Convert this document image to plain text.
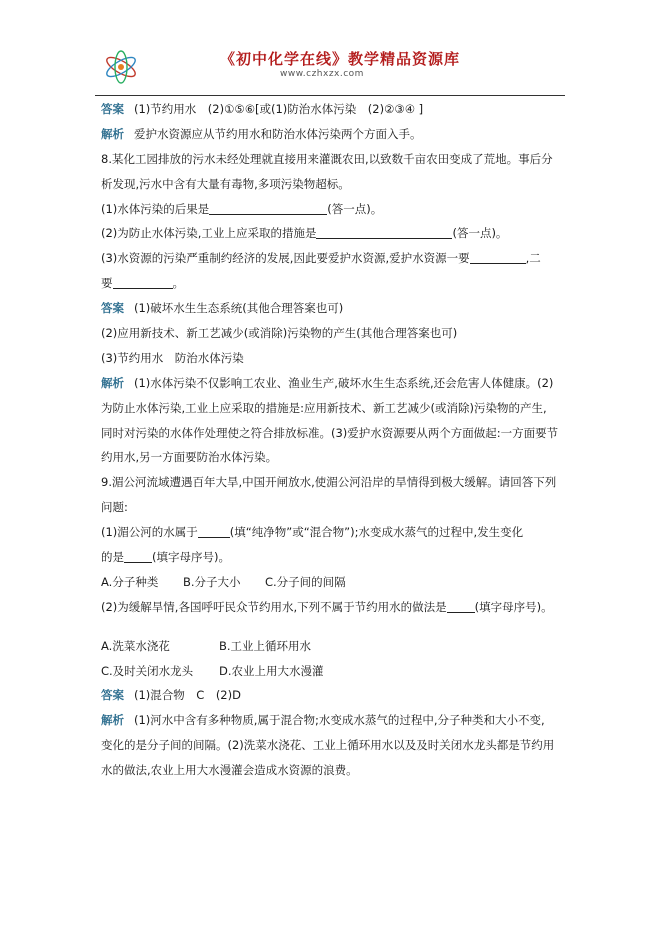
《初中化学在线》教学精品资源库
www.czhxzx.com
答案 (1)节约用水　(2)①⑤⑥[或(1)防治水体污染　(2)②③④ ]
解析 爱护水资源应从节约用水和防治水体污染两个方面入手。
8.某化工园排放的污水未经处理就直接用来灌溉农田,以致数千亩农田变成了荒地。事后分
析发现,污水中含有大量有毒物,多项污染物超标。
(1)水体污染的后果是	(答一点)。
(2)为防止水体污染,工业上应采取的措施是	(答一点)。
(3)水资源的污染严重制约经济的发展,因此要爱护水资源,爱护水资源一要	,二
要	。
答案 (1)破坏水生生态系统(其他合理答案也可)
(2)应用新技术、新工艺减少(或消除)污染物的产生(其他合理答案也可)
(3)节约用水　防治水体污染
解析 (1)水体污染不仅影响工农业、渔业生产,破坏水生生态系统,还会危害人体健康。(2)
为防止水体污染,工业上应采取的措施是:应用新技术、新工艺减少(或消除)污染物的产生,
同时对污染的水体作处理使之符合排放标准。(3)爱护水资源要从两个方面做起:一方面要节
约用水,另一方面要防治水体污染。
9.湄公河流域遭遇百年大旱,中国开闸放水,使湄公河沿岸的旱情得到极大缓解。请回答下列
问题:
(1)湄公河的水属于	(填“纯净物”或“混合物”);水变成水蒸气的过程中,发生变化
的是 (填字母序号)。
A.分子种类 B.分子大小 C.分子间的间隔
(2)为缓解旱情,各国呼吁民众节约用水,下列不属于节约用水的做法是 (填字母序号)。
A.洗菜水浇花	B.工业上循环用水
C.及时关闭水龙头 D.农业上用大水漫灌
答案 (1)混合物　C　(2)D
解析 (1)河水中含有多种物质,属于混合物;水变成水蒸气的过程中,分子种类和大小不变,
变化的是分子间的间隔。(2)洗菜水浇花、工业上循环用水以及及时关闭水龙头都是节约用
水的做法,农业上用大水漫灌会造成水资源的浪费。
